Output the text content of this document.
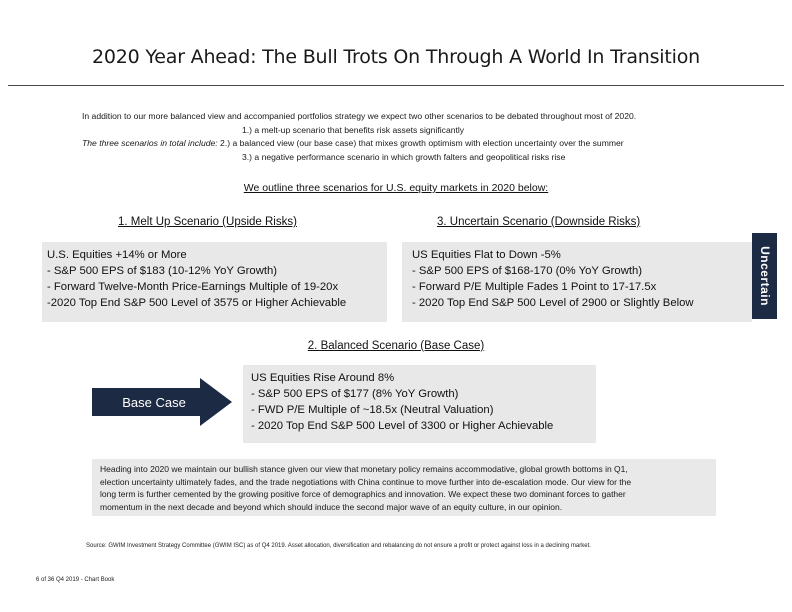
2020 Year Ahead: The Bull Trots On Through A World In Transition
In addition to our more balanced view and accompanied portfolios strategy we expect two other scenarios to be debated throughout most of 2020.
1.) a melt-up scenario that benefits risk assets significantly
The three scenarios in total include: 2.) a balanced view (our base case) that mixes growth optimism with election uncertainty over the summer
3.) a negative performance scenario in which growth falters and geopolitical risks rise
We outline three scenarios for U.S. equity markets in 2020 below:
1. Melt Up Scenario (Upside Risks)	3. Uncertain Scenario (Downside Risks)
U.S. Equities +14% or More
- S&P 500 EPS of $183 (10-12% YoY Growth)
- Forward Twelve-Month Price-Earnings Multiple of 19-20x
-2020 Top End S&P 500 Level of 3575 or Higher Achievable
US Equities Flat to Down -5%
- S&P 500 EPS of $168-170 (0% YoY Growth)
- Forward P/E Multiple Fades 1 Point to 17-17.5x
- 2020 Top End S&P 500 Level of 2900 or Slightly Below	Uncertain
2. Balanced Scenario (Base Case)
Base Case
US Equities Rise Around 8%
- S&P 500 EPS of $177 (8% YoY Growth)
- FWD P/E Multiple of ~18.5x (Neutral Valuation)
- 2020 Top End S&P 500 Level of 3300 or Higher Achievable
Heading into 2020 we maintain our bullish stance given our view that monetary policy remains accommodative, global growth bottoms in Q1,
election uncertainty ultimately fades, and the trade negotiations with China continue to move further into de-escalation mode. Our view for the
long term is further cemented by the growing positive force of demographics and innovation. We expect these two dominant forces to gather
momentum in the next decade and beyond which should induce the second major wave of an equity culture, in our opinion.
Source: GWIM Investment Strategy Committee (GWIM ISC) as of Q4 2019. Asset allocation, diversification and rebalancing do not ensure a profit or protect against loss in a declining market.
6 of 36 Q4 2019 - Chart Book
